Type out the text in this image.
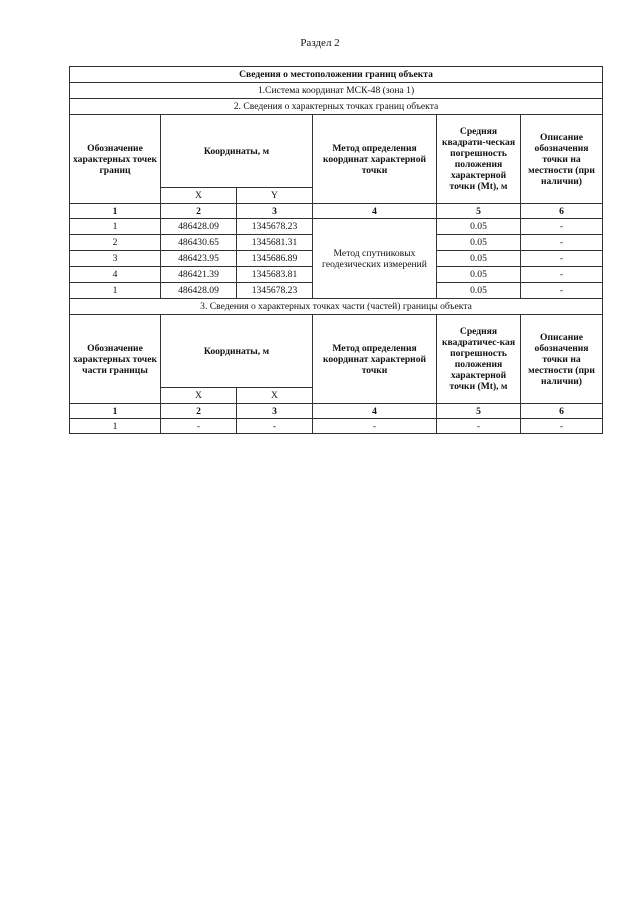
Раздел 2
Сведения о местоположении границ объекта					
1.Система координат МСК-48 (зона 1)					
2. Сведения о характерных точках границ объекта					
Обозначение характерных точек границ	Координаты, м		Метод определения координат характерной точки	Средняя квадрати-ческая погрешность положения характерной точки (Mt), м	Описание обозначения точки на местности (при наличии)
	X	Y			
1	2	3	4	5	6
1	486428.09	1345678.23	Метод спутниковых геодезических измерений	0.05	-
2	486430.65	1345681.31		0.05	-
3	486423.95	1345686.89		0.05	-
4	486421.39	1345683.81		0.05	-
1	486428.09	1345678.23		0.05	-
3. Сведения о характерных точках части (частей) границы объекта					
Обозначение характерных точек части границы	Координаты, м		Метод определения координат характерной точки	Средняя квадратичес-кая погрешность положения характерной точки (Mt), м	Описание обозначения точки на местности (при наличии)
	X	X			
1	2	3	4	5	6
1	-	-	-	-	-
